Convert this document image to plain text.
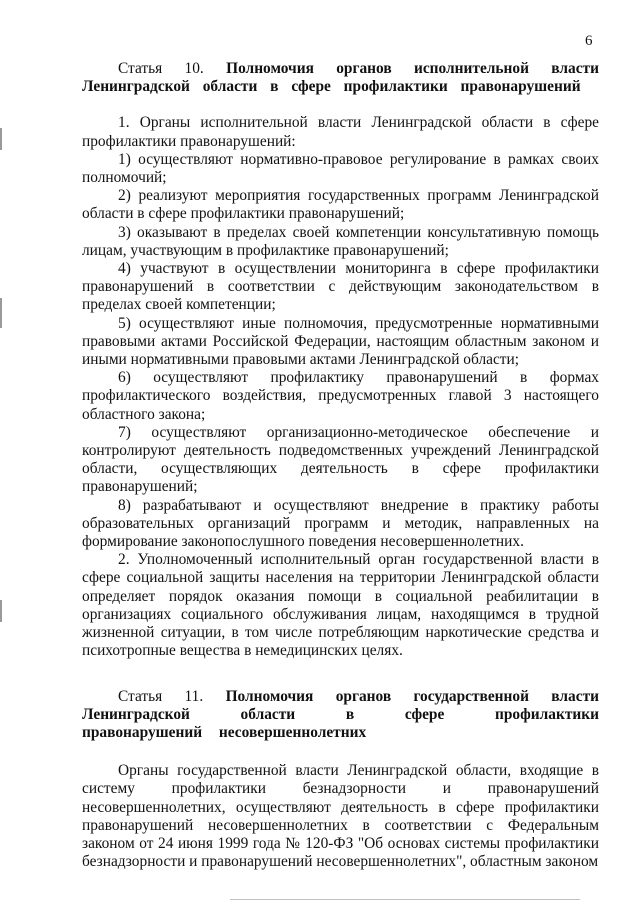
6
Статья 10. Полномочия органов исполнительной власти Ленинградской области в сфере профилактики правонарушений

1. Органы исполнительной власти Ленинградской области в сфере профилактики правонарушений:

1) осуществляют нормативно-правовое регулирование в рамках своих полномочий;

2) реализуют мероприятия государственных программ Ленинградской области в сфере профилактики правонарушений;

3) оказывают в пределах своей компетенции консультативную помощь лицам, участвующим в профилактике правонарушений;

4) участвуют в осуществлении мониторинга в сфере профилактики правонарушений в соответствии с действующим законодательством в пределах своей компетенции;

5) осуществляют иные полномочия, предусмотренные нормативными правовыми актами Российской Федерации, настоящим областным законом и иными нормативными правовыми актами Ленинградской области;

6) осуществляют профилактику правонарушений в формах профилактического воздействия, предусмотренных главой 3 настоящего областного закона;

7) осуществляют организационно-методическое обеспечение и контролируют деятельность подведомственных учреждений Ленинградской области, осуществляющих деятельность в сфере профилактики правонарушений;

8) разрабатывают и осуществляют внедрение в практику работы образовательных организаций программ и методик, направленных на формирование законопослушного поведения несовершеннолетних.

2. Уполномоченный исполнительный орган государственной власти в сфере социальной защиты населения на территории Ленинградской области определяет порядок оказания помощи в социальной реабилитации в организациях социального обслуживания лицам, находящимся в трудной жизненной ситуации, в том числе потребляющим наркотические средства и психотропные вещества в немедицинских целях.

Статья 11. Полномочия органов государственной власти Ленинградской области в сфере профилактики правонарушений несовершеннолетних

Органы государственной власти Ленинградской области, входящие в систему профилактики безнадзорности и правонарушений несовершеннолетних, осуществляют деятельность в сфере профилактики правонарушений несовершеннолетних в соответствии с Федеральным законом от 24 июня 1999 года № 120-ФЗ "Об основах системы профилактики безнадзорности и правонарушений несовершеннолетних", областным законом
